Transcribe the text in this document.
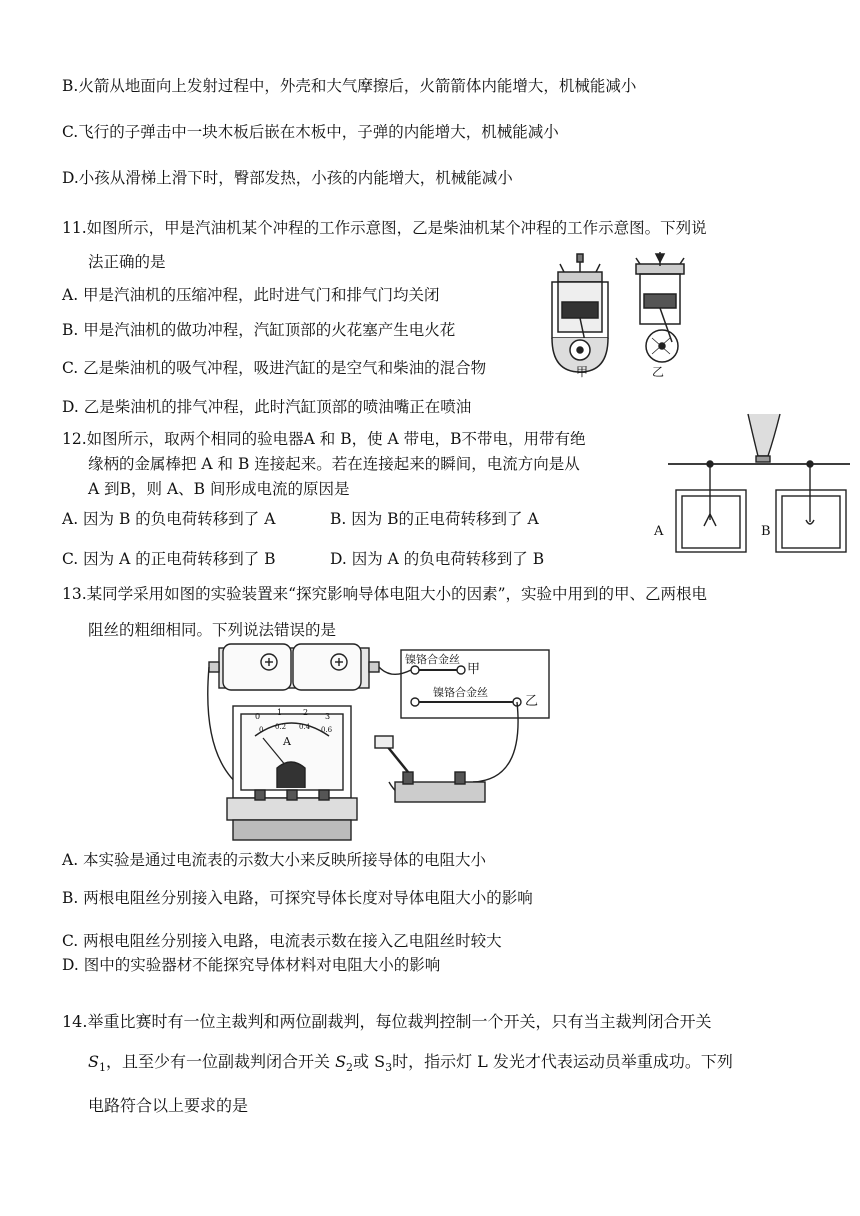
B.火箭从地面向上发射过程中，外壳和大气摩擦后，火箭箭体内能增大，机械能减小
C.飞行的子弹击中一块木板后嵌在木板中，子弹的内能增大，机械能减小
D.小孩从滑梯上滑下时，臀部发热，小孩的内能增大，机械能减小
11.如图所示，甲是汽油机某个冲程的工作示意图，乙是柴油机某个冲程的工作示意图。下列说
法正确的是
A. 甲是汽油机的压缩冲程，此时进气门和排气门均关闭
B. 甲是汽油机的做功冲程，汽缸顶部的火花塞产生电火花
C. 乙是柴油机的吸气冲程，吸进汽缸的是空气和柴油的混合物
D. 乙是柴油机的排气冲程，此时汽缸顶部的喷油嘴正在喷油
甲	乙
12.如图所示，取两个相同的验电器A 和 B，使 A 带电，B不带电，用带有绝
缘柄的金属棒把 A 和 B 连接起来。若在连接起来的瞬间，电流方向是从
A 到B，则 A、B 间形成电流的原因是
A. 因为 B 的负电荷转移到了 A	B. 因为 B的正电荷转移到了 A
C. 因为 A 的正电荷转移到了 B	D. 因为 A 的负电荷转移到了 B
A	B
13.某同学采用如图的实验装置来“探究影响导体电阻大小的因素”，实验中用到的甲、乙两根电
阻丝的粗细相同。下列说法错误的是
镍铬合金丝
甲
镍铬合金丝
乙
A
0 1	2 3
0 0.2 0.4 0.6
A. 本实验是通过电流表的示数大小来反映所接导体的电阻大小
B. 两根电阻丝分别接入电路，可探究导体长度对导体电阻大小的影响
C. 两根电阻丝分别接入电路，电流表示数在接入乙电阻丝时较大
D. 图中的实验器材不能探究导体材料对电阻大小的影响
14.举重比赛时有一位主裁判和两位副裁判，每位裁判控制一个开关，只有当主裁判闭合开关
$S_1$，且至少有一位副裁判闭合开关 $S_2$或 $S_3$时，指示灯 L 发光才代表运动员举重成功。下列
电路符合以上要求的是
